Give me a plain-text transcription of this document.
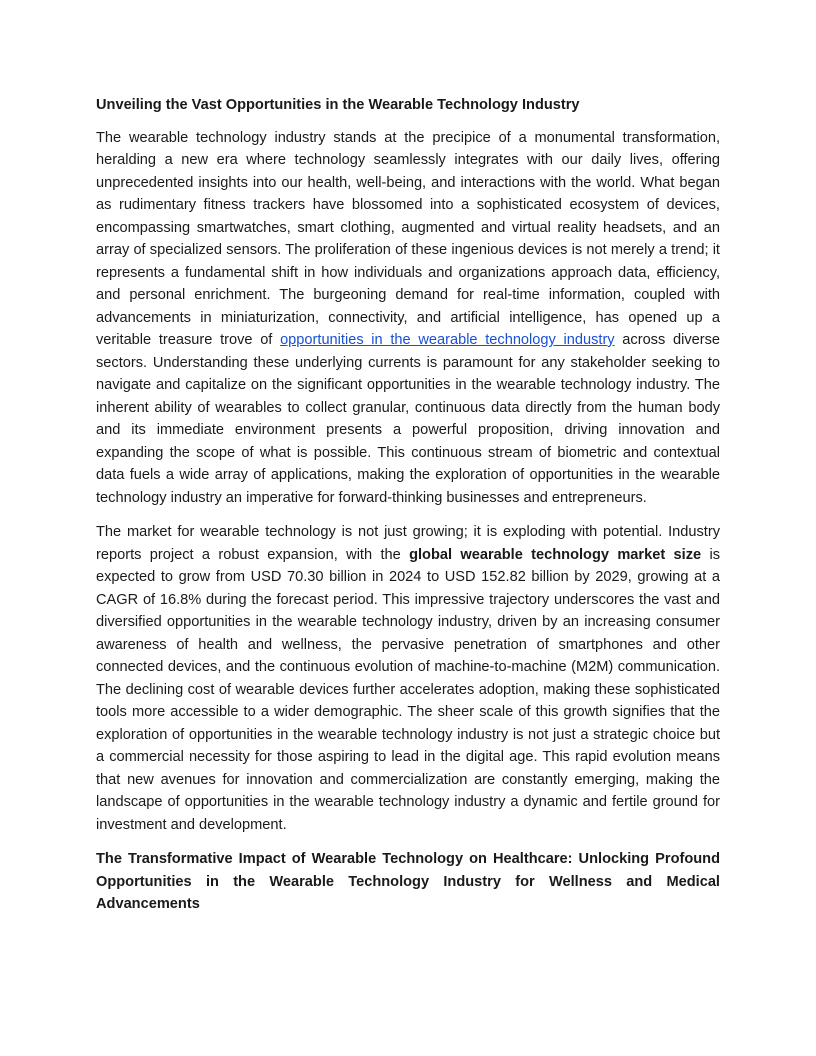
Unveiling the Vast Opportunities in the Wearable Technology Industry
The wearable technology industry stands at the precipice of a monumental transformation, heralding a new era where technology seamlessly integrates with our daily lives, offering unprecedented insights into our health, well-being, and interactions with the world. What began as rudimentary fitness trackers have blossomed into a sophisticated ecosystem of devices, encompassing smartwatches, smart clothing, augmented and virtual reality headsets, and an array of specialized sensors. The proliferation of these ingenious devices is not merely a trend; it represents a fundamental shift in how individuals and organizations approach data, efficiency, and personal enrichment. The burgeoning demand for real-time information, coupled with advancements in miniaturization, connectivity, and artificial intelligence, has opened up a veritable treasure trove of opportunities in the wearable technology industry across diverse sectors. Understanding these underlying currents is paramount for any stakeholder seeking to navigate and capitalize on the significant opportunities in the wearable technology industry. The inherent ability of wearables to collect granular, continuous data directly from the human body and its immediate environment presents a powerful proposition, driving innovation and expanding the scope of what is possible. This continuous stream of biometric and contextual data fuels a wide array of applications, making the exploration of opportunities in the wearable technology industry an imperative for forward-thinking businesses and entrepreneurs.
The market for wearable technology is not just growing; it is exploding with potential. Industry reports project a robust expansion, with the global wearable technology market size is expected to grow from USD 70.30 billion in 2024 to USD 152.82 billion by 2029, growing at a CAGR of 16.8% during the forecast period. This impressive trajectory underscores the vast and diversified opportunities in the wearable technology industry, driven by an increasing consumer awareness of health and wellness, the pervasive penetration of smartphones and other connected devices, and the continuous evolution of machine-to-machine (M2M) communication. The declining cost of wearable devices further accelerates adoption, making these sophisticated tools more accessible to a wider demographic. The sheer scale of this growth signifies that the exploration of opportunities in the wearable technology industry is not just a strategic choice but a commercial necessity for those aspiring to lead in the digital age. This rapid evolution means that new avenues for innovation and commercialization are constantly emerging, making the landscape of opportunities in the wearable technology industry a dynamic and fertile ground for investment and development.
The Transformative Impact of Wearable Technology on Healthcare: Unlocking Profound Opportunities in the Wearable Technology Industry for Wellness and Medical Advancements
